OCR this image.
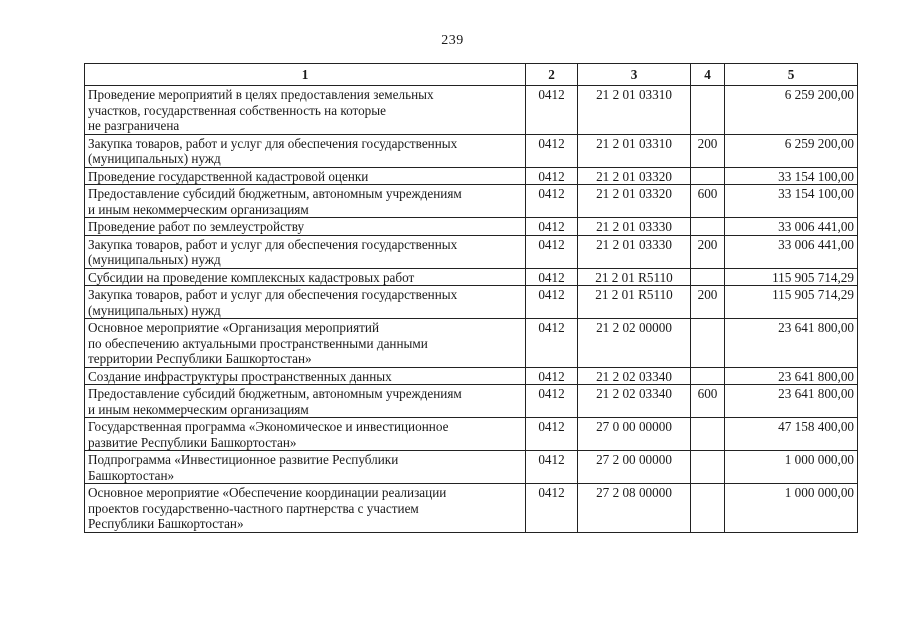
239
1	2	3	4	5

Проведение мероприятий в целях предоставления земельных
участков, государственная собственность на которые
не разграничена	0412	21 2 01 03310		6 259 200,00

Закупка товаров, работ и услуг для обеспечения государственных
(муниципальных) нужд	0412	21 2 01 03310	200	6 259 200,00

Проведение государственной кадастровой оценки	0412	21 2 01 03320		33 154 100,00

Предоставление субсидий бюджетным, автономным учреждениям
и иным некоммерческим организациям	0412	21 2 01 03320	600	33 154 100,00

Проведение работ по землеустройству	0412	21 2 01 03330		33 006 441,00

Закупка товаров, работ и услуг для обеспечения государственных
(муниципальных) нужд	0412	21 2 01 03330	200	33 006 441,00

Субсидии на проведение комплексных кадастровых работ	0412	21 2 01 R5110		115 905 714,29

Закупка товаров, работ и услуг для обеспечения государственных
(муниципальных) нужд	0412	21 2 01 R5110	200	115 905 714,29

Основное мероприятие «Организация мероприятий
по обеспечению актуальными пространственными данными
территории Республики Башкортостан»	0412	21 2 02 00000		23 641 800,00

Создание инфраструктуры пространственных данных	0412	21 2 02 03340		23 641 800,00

Предоставление субсидий бюджетным, автономным учреждениям
и иным некоммерческим организациям	0412	21 2 02 03340	600	23 641 800,00

Государственная программа «Экономическое и инвестиционное
развитие Республики Башкортостан»	0412	27 0 00 00000		47 158 400,00

Подпрограмма «Инвестиционное развитие Республики
Башкортостан»	0412	27 2 00 00000		1 000 000,00

Основное мероприятие «Обеспечение координации реализации
проектов государственно-частного партнерства с участием
Республики Башкортостан»	0412	27 2 08 00000		1 000 000,00
